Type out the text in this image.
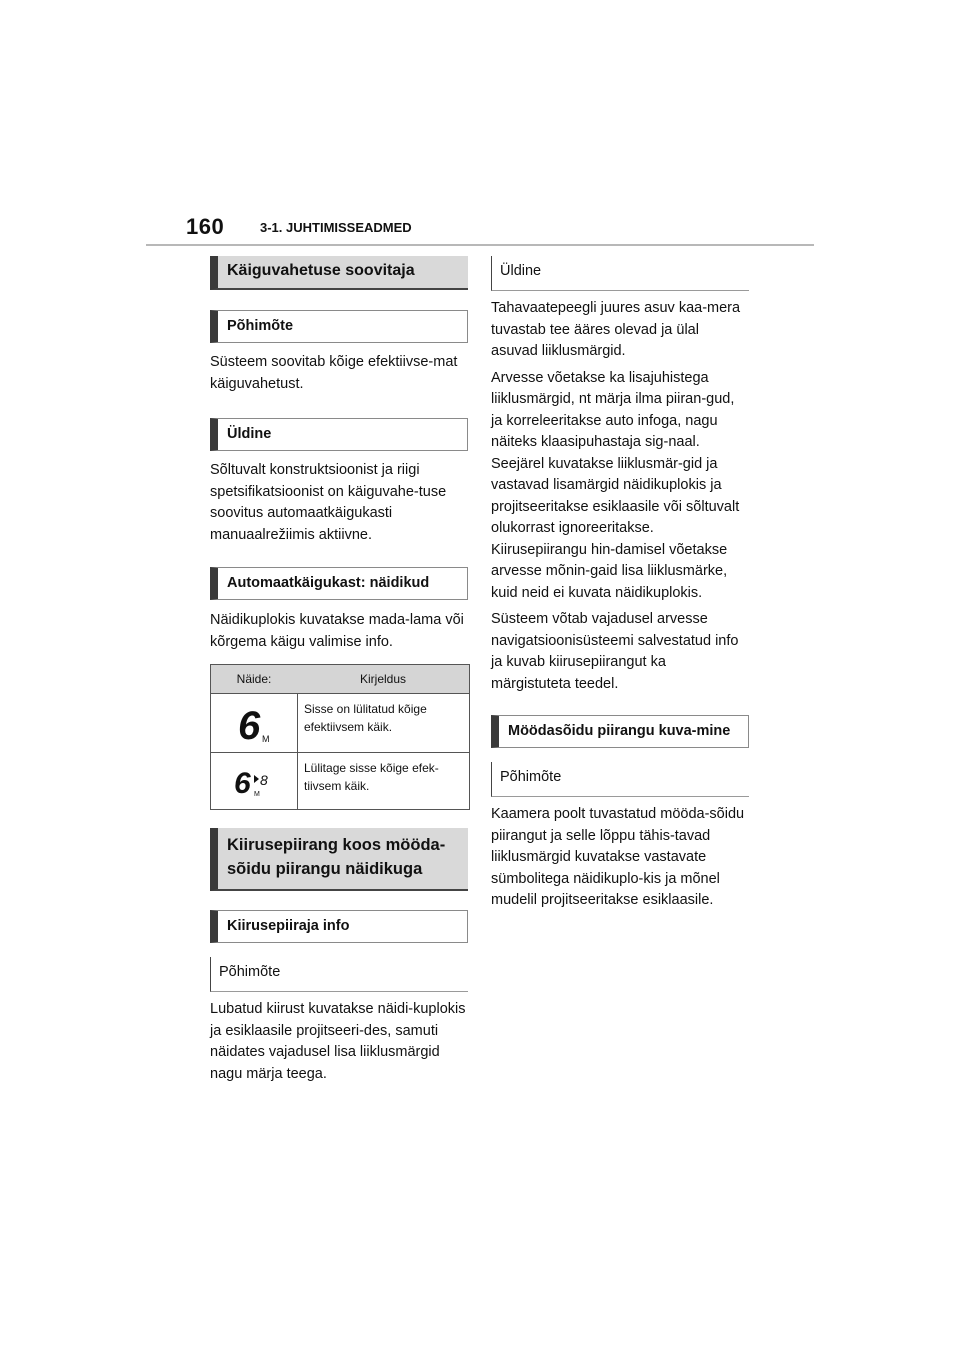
160	3-1. JUHTIMISSEADMED
Käiguvahetuse soovitaja
Põhimõte

Süsteem soovitab kõige efektiivse-mat käiguvahetust.

Üldine

Sõltuvalt konstruktsioonist ja riigi spetsifikatsioonist on käiguvahe-tuse soovitus automaatkäigukasti manuaalrežiimis aktiivne.

Automaatkäigukast: näidikud

Näidikuplokis kuvatakse mada-lama või kõrgema käigu valimise info.

Näide:	Kirjeldus
6 M
Sisse on lülitatud kõige efektiivsem käik.
6 8
M
Lülitage sisse kõige efek-tiivsem käik.
Kiirusepiirang koos mööda-sõidu piirangu näidikuga
Kiirusepiiraja info
Põhimõte

Lubatud kiirust kuvatakse näidi-kuplokis ja esiklaasile projitseeri-des, samuti näidates vajadusel lisa liiklusmärgid nagu märja teega.

Üldine

Tahavaatepeegli juures asuv kaa-mera tuvastab tee ääres olevad ja ülal asuvad liiklusmärgid.

Arvesse võetakse ka lisajuhistega liiklusmärgid, nt märja ilma piiran-gud, ja korreleeritakse auto infoga, nagu näiteks klaasipuhastaja sig-naal. Seejärel kuvatakse liiklusmär-gid ja vastavad lisamärgid näidikuplokis ja projitseeritakse esiklaasile või sõltuvalt olukorrast ignoreeritakse. Kiirusepiirangu hin-damisel võetakse arvesse mõnin-gaid lisa liiklusmärke, kuid neid ei kuvata näidikuplokis.

Süsteem võtab vajadusel arvesse navigatsioonisüsteemi salvestatud info ja kuvab kiirusepiirangut ka märgistuteta teedel.

Möödasõidu piirangu kuva-mine
Põhimõte

Kaamera poolt tuvastatud mööda-sõidu piirangut ja selle lõppu tähis-tavad liiklusmärgid kuvatakse vastavate sümbolitega näidikuplo-kis ja mõnel mudelil projitseeritakse esiklaasile.
